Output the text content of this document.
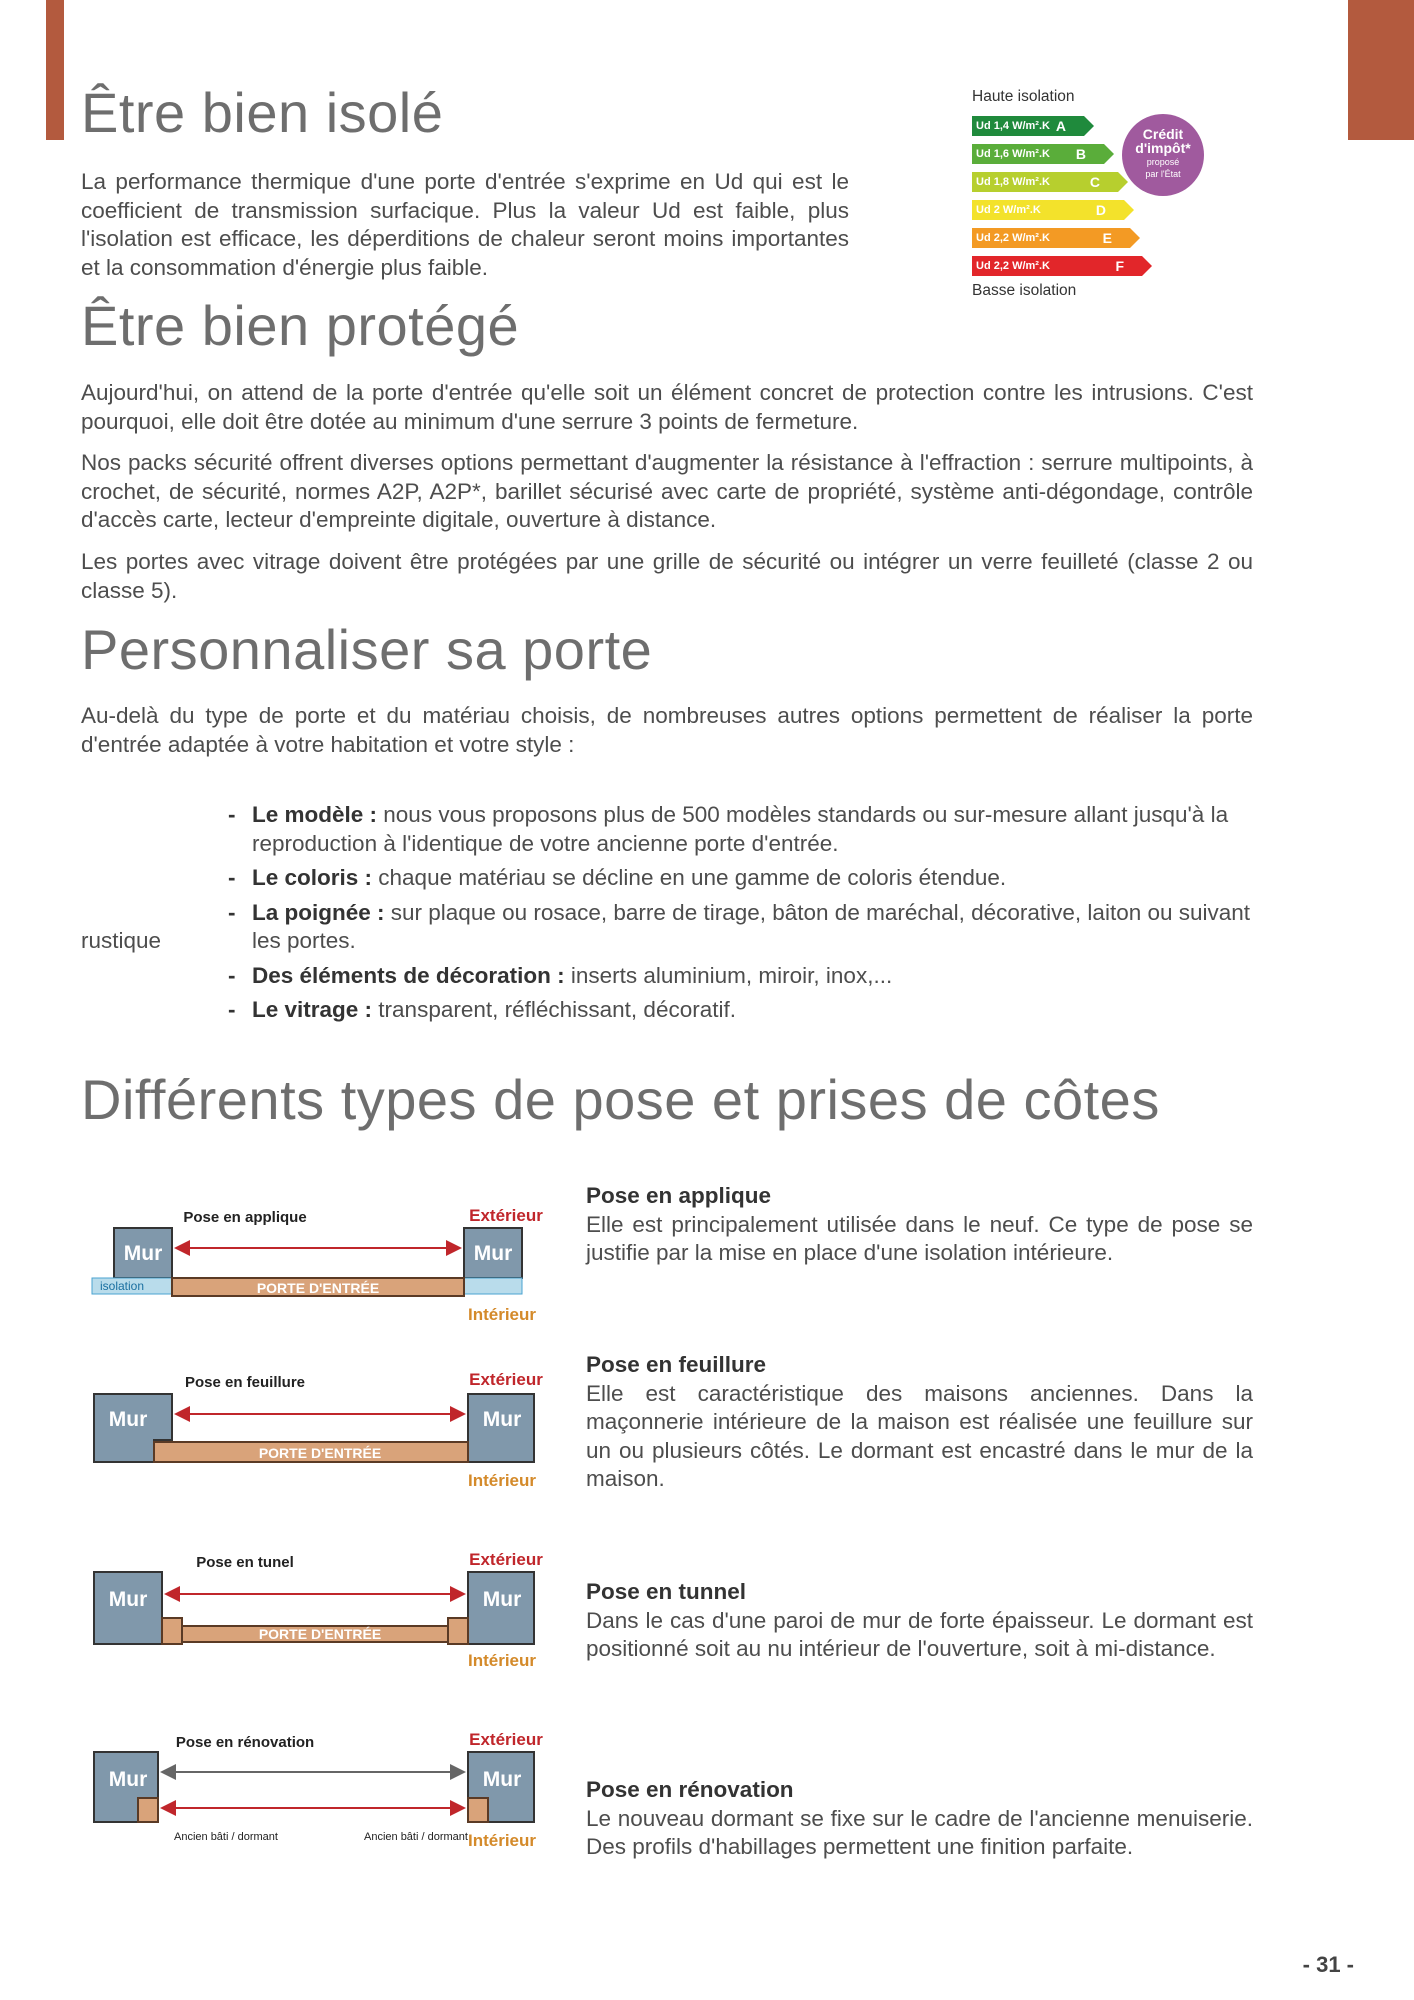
Être bien isolé

La performance thermique d'une porte d'entrée s'exprime en Ud qui est le coefficient de transmission surfacique. Plus la valeur Ud est faible, plus l'isolation est efficace, les déperditions de chaleur seront moins importantes et la consommation d'énergie plus faible.

Haute isolation
Ud 1,4 W/m².K A
Ud 1,6 W/m².K B
Ud 1,8 W/m².K	C
Ud 2 W/m².K	D
Ud 2,2 W/m².K	E
Ud 2,2 W/m².K	F
Basse isolation
Crédit
d'impôt*
proposé
par l'État
Être bien protégé

Aujourd'hui, on attend de la porte d'entrée qu'elle soit un élément concret de protection contre les intrusions. C'est pourquoi, elle doit être dotée au minimum d'une serrure 3 points de fermeture.

Nos packs sécurité offrent diverses options permettant d'augmenter la résistance à l'effraction : serrure multipoints, à crochet, de sécurité, normes A2P, A2P*, barillet sécurisé avec carte de propriété, système anti-dégondage, contrôle d'accès carte, lecteur d'empreinte digitale, ouverture à distance.

Les portes avec vitrage doivent être protégées par une grille de sécurité ou intégrer un verre feuilleté (classe 2 ou classe 5).

Personnaliser sa porte

Au-delà du type de porte et du matériau choisis, de nombreuses autres options permettent de réaliser la porte d'entrée adaptée à votre habitation et votre style :

- Le modèle : nous vous proposons plus de 500 modèles standards ou sur-mesure allant jusqu'à la reproduction à l'identique de votre ancienne porte d'entrée.
- Le coloris : chaque matériau se décline en une gamme de coloris étendue.
- La poignée : sur plaque ou rosace, barre de tirage, bâton de maréchal, décorative, laiton ou suivant les portes.
- Des éléments de décoration : inserts aluminium, miroir, inox,...
- Le vitrage : transparent, réfléchissant, décoratif.
rustique
Différents types de pose et prises de côtes
Pose en applique	Extérieur
Mur	Mur
isolation	PORTE D'ENTRÉE
Intérieur
Pose en applique
Elle est principalement utilisée dans le neuf. Ce type de pose se justifie par la mise en place d'une isolation intérieure.
Pose en feuillure	Extérieur
Mur	Mur
PORTE D'ENTRÉE
Intérieur
Pose en feuillure
Elle est caractéristique des maisons anciennes. Dans la maçonnerie intérieure de la maison est réalisée une feuillure sur un ou plusieurs côtés. Le dormant est encastré dans le mur de la maison.
Pose en tunel	Extérieur
Mur	Mur
PORTE D'ENTRÉE
Intérieur
Pose en tunnel
Dans le cas d'une paroi de mur de forte épaisseur. Le dormant est positionné soit au nu intérieur de l'ouverture, soit à mi-distance.
Pose en rénovation	Extérieur
Mur	Mur
Ancien bâti / dormant	Ancien bâti / dormant Intérieur
Pose en rénovation
Le nouveau dormant se fixe sur le cadre de l'ancienne menuiserie. Des profils d'habillages permettent une finition parfaite.
- 31 -
